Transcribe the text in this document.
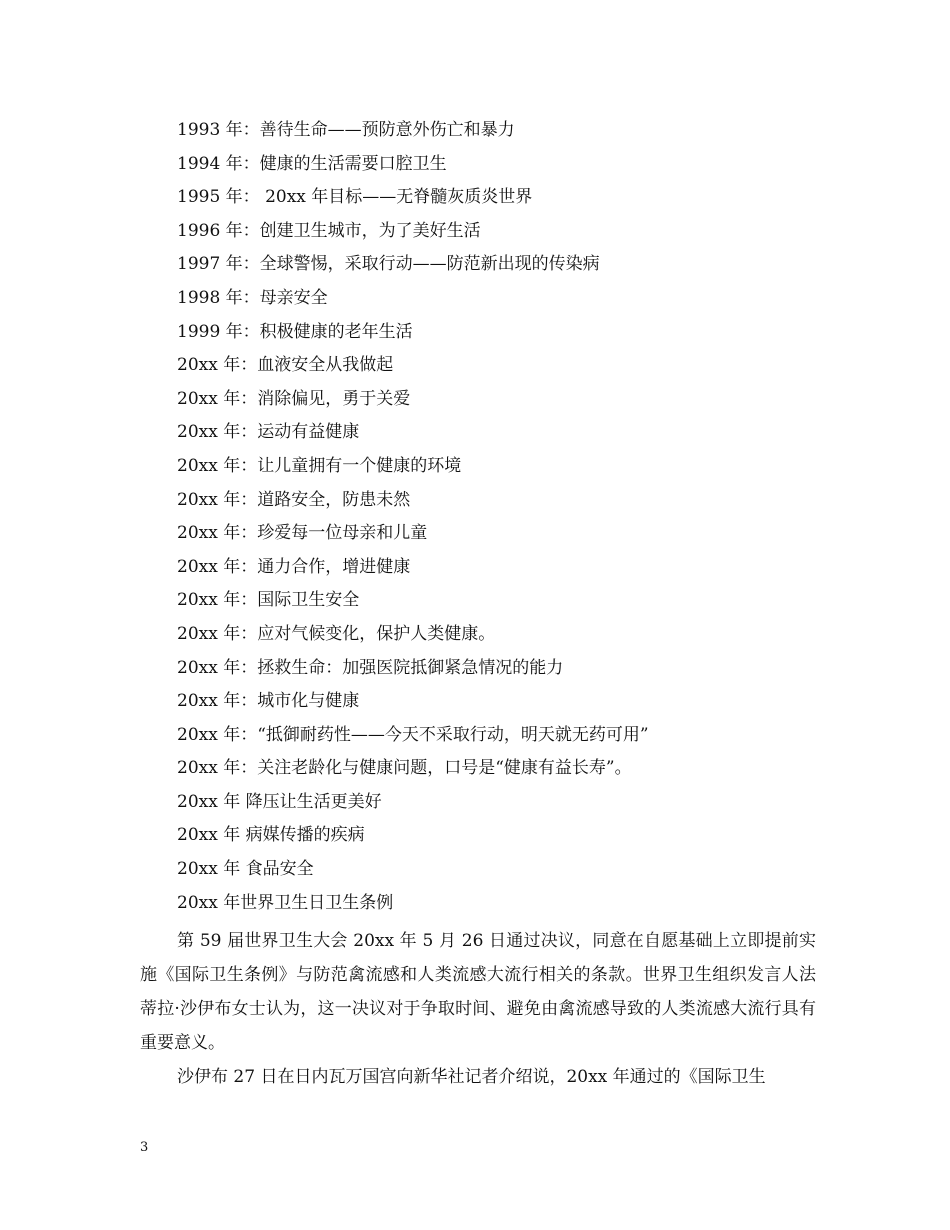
1993 年：善待生命——预防意外伤亡和暴力
1994 年：健康的生活需要口腔卫生
1995 年： 20xx 年目标——无脊髓灰质炎世界
1996 年：创建卫生城市，为了美好生活
1997 年：全球警惕，采取行动——防范新出现的传染病
1998 年：母亲安全
1999 年：积极健康的老年生活
20xx 年：血液安全从我做起
20xx 年：消除偏见，勇于关爱
20xx 年：运动有益健康
20xx 年：让儿童拥有一个健康的环境
20xx 年：道路安全，防患未然
20xx 年：珍爱每一位母亲和儿童
20xx 年：通力合作，增进健康
20xx 年：国际卫生安全
20xx 年：应对气候变化，保护人类健康。
20xx 年：拯救生命：加强医院抵御紧急情况的能力
20xx 年：城市化与健康
20xx 年：“抵御耐药性——今天不采取行动，明天就无药可用”
20xx 年：关注老龄化与健康问题，口号是“健康有益长寿”。
20xx 年 降压让生活更美好
20xx 年 病媒传播的疾病
20xx 年 食品安全
20xx 年世界卫生日卫生条例

第 59 届世界卫生大会 20xx 年 5 月 26 日通过决议，同意在自愿基础上立即提前实施《国际卫生条例》与防范禽流感和人类流感大流行相关的条款。世界卫生组织发言人法蒂拉·沙伊布女士认为，这一决议对于争取时间、避免由禽流感导致的人类流感大流行具有重要意义。

沙伊布 27 日在日内瓦万国宫向新华社记者介绍说，20xx 年通过的《国际卫生

3
